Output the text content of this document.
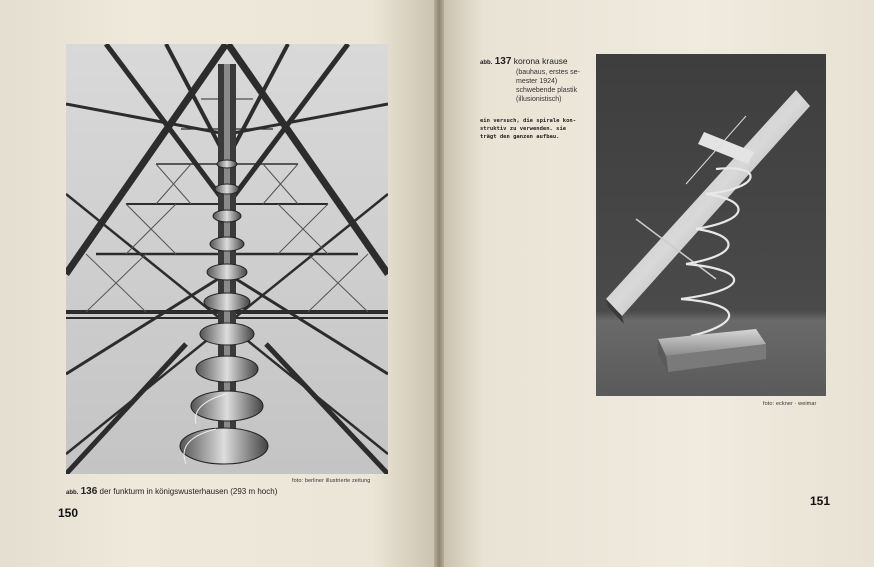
foto: berliner illustrierte zeitung
abb. 136 der funkturm in königswusterhausen (293 m hoch)
150
abb. 137 korona krause
(bauhaus, erstes se-
mester 1924)
schwebende plastik
(illusionistisch)
ein versuch, die spirale kon-
struktiv zu verwenden. sie
trägt den ganzen aufbau.
foto: eckner · weimar
151
